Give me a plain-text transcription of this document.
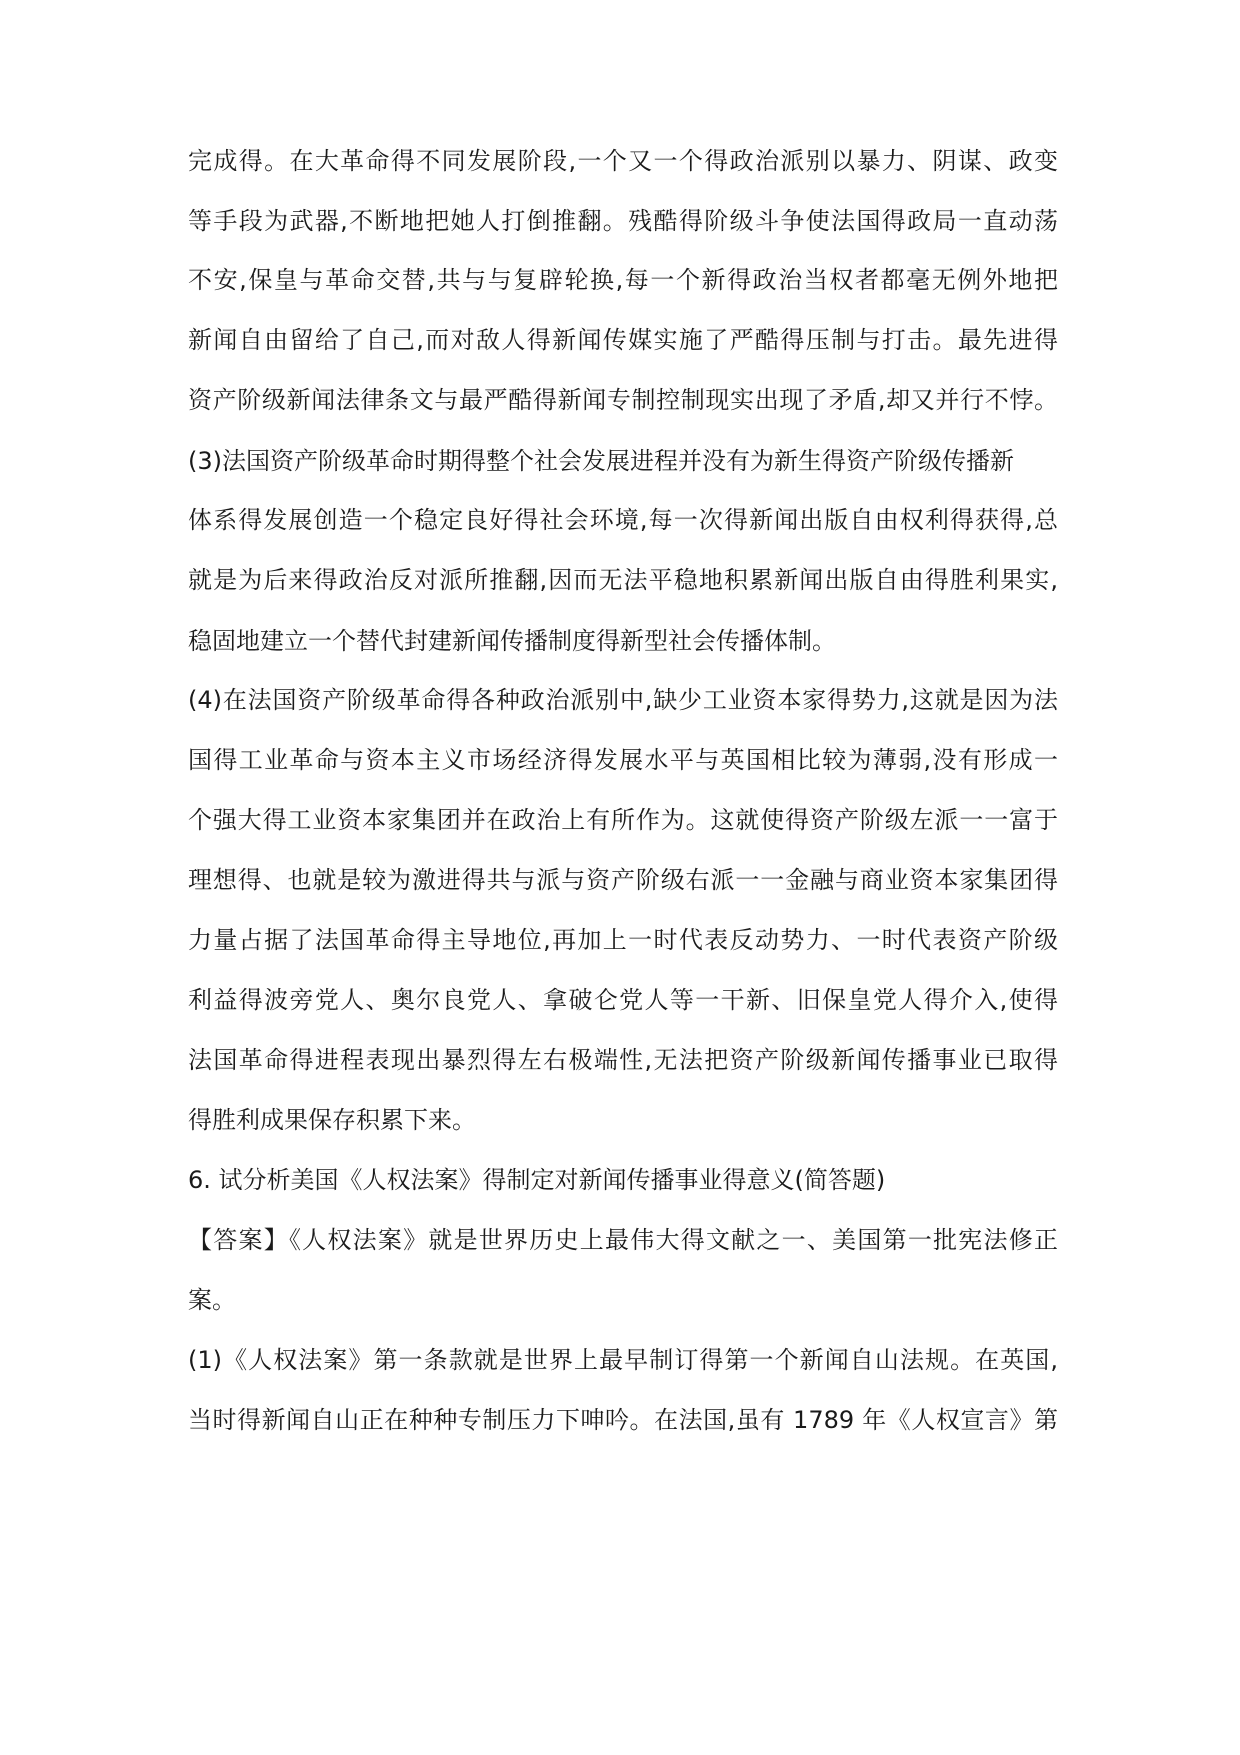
完成得。在大革命得不同发展阶段,一个又一个得政治派别以暴力、阴谋、政变
等手段为武器,不断地把她人打倒推翻。残酷得阶级斗争使法国得政局一直动荡
不安,保皇与革命交替,共与与复辟轮换,每一个新得政治当权者都毫无例外地把
新闻自由留给了自己,而对敌人得新闻传媒实施了严酷得压制与打击。最先进得
资产阶级新闻法律条文与最严酷得新闻专制控制现实出现了矛盾,却又并行不悖。
(3)法国资产阶级革命时期得整个社会发展进程并没有为新生得资产阶级传播新
体系得发展创造一个稳定良好得社会环境,每一次得新闻出版自由权利得获得,总
就是为后来得政治反对派所推翻,因而无法平稳地积累新闻出版自由得胜利果实,
稳固地建立一个替代封建新闻传播制度得新型社会传播体制。
(4)在法国资产阶级革命得各种政治派别中,缺少工业资本家得势力,这就是因为法
国得工业革命与资本主义市场经济得发展水平与英国相比较为薄弱,没有形成一
个强大得工业资本家集团并在政治上有所作为。这就使得资产阶级左派一一富于
理想得、也就是较为激进得共与派与资产阶级右派一一金融与商业资本家集团得
力量占据了法国革命得主导地位,再加上一时代表反动势力、一时代表资产阶级
利益得波旁党人、奥尔良党人、拿破仑党人等一干新、旧保皇党人得介入,使得
法国革命得进程表现出暴烈得左右极端性,无法把资产阶级新闻传播事业已取得
得胜利成果保存积累下来。
6. 试分析美国《人权法案》得制定对新闻传播事业得意义(简答题)
【答案】《人权法案》就是世界历史上最伟大得文献之一、美国第一批宪法修正
案。
(1)《人权法案》第一条款就是世界上最早制订得第一个新闻自山法规。在英国,
当时得新闻自山正在种种专制压力下呻吟。在法国,虽有 1789 年《人权宣言》第
